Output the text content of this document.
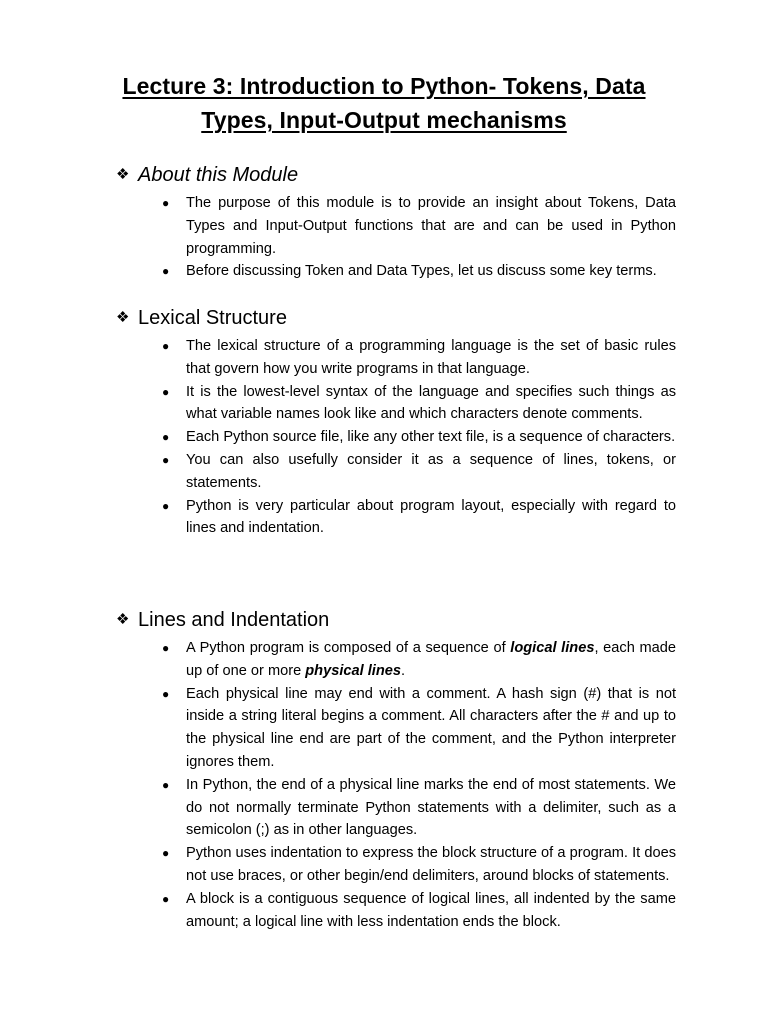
Lecture 3: Introduction to Python- Tokens, Data
Types, Input-Output mechanisms
❖ About this Module
● The purpose of this module is to provide an insight about Tokens, Data Types and Input-Output functions that are and can be used in Python programming.
● Before discussing Token and Data Types, let us discuss some key terms.
❖ Lexical Structure
● The lexical structure of a programming language is the set of basic rules that govern how you write programs in that language.
● It is the lowest-level syntax of the language and specifies such things as what variable names look like and which characters denote comments.
● Each Python source file, like any other text file, is a sequence of characters.
● You can also usefully consider it as a sequence of lines, tokens, or statements.
● Python is very particular about program layout, especially with regard to lines and indentation.
❖ Lines and Indentation
● A Python program is composed of a sequence of logical lines, each made up of one or more physical lines.
● Each physical line may end with a comment. A hash sign (#) that is not inside a string literal begins a comment. All characters after the # and up to the physical line end are part of the comment, and the Python interpreter ignores them.
● In Python, the end of a physical line marks the end of most statements. We do not normally terminate Python statements with a delimiter, such as a semicolon (;) as in other languages.
● Python uses indentation to express the block structure of a program. It does not use braces, or other begin/end delimiters, around blocks of statements.
● A block is a contiguous sequence of logical lines, all indented by the same amount; a logical line with less indentation ends the block.
